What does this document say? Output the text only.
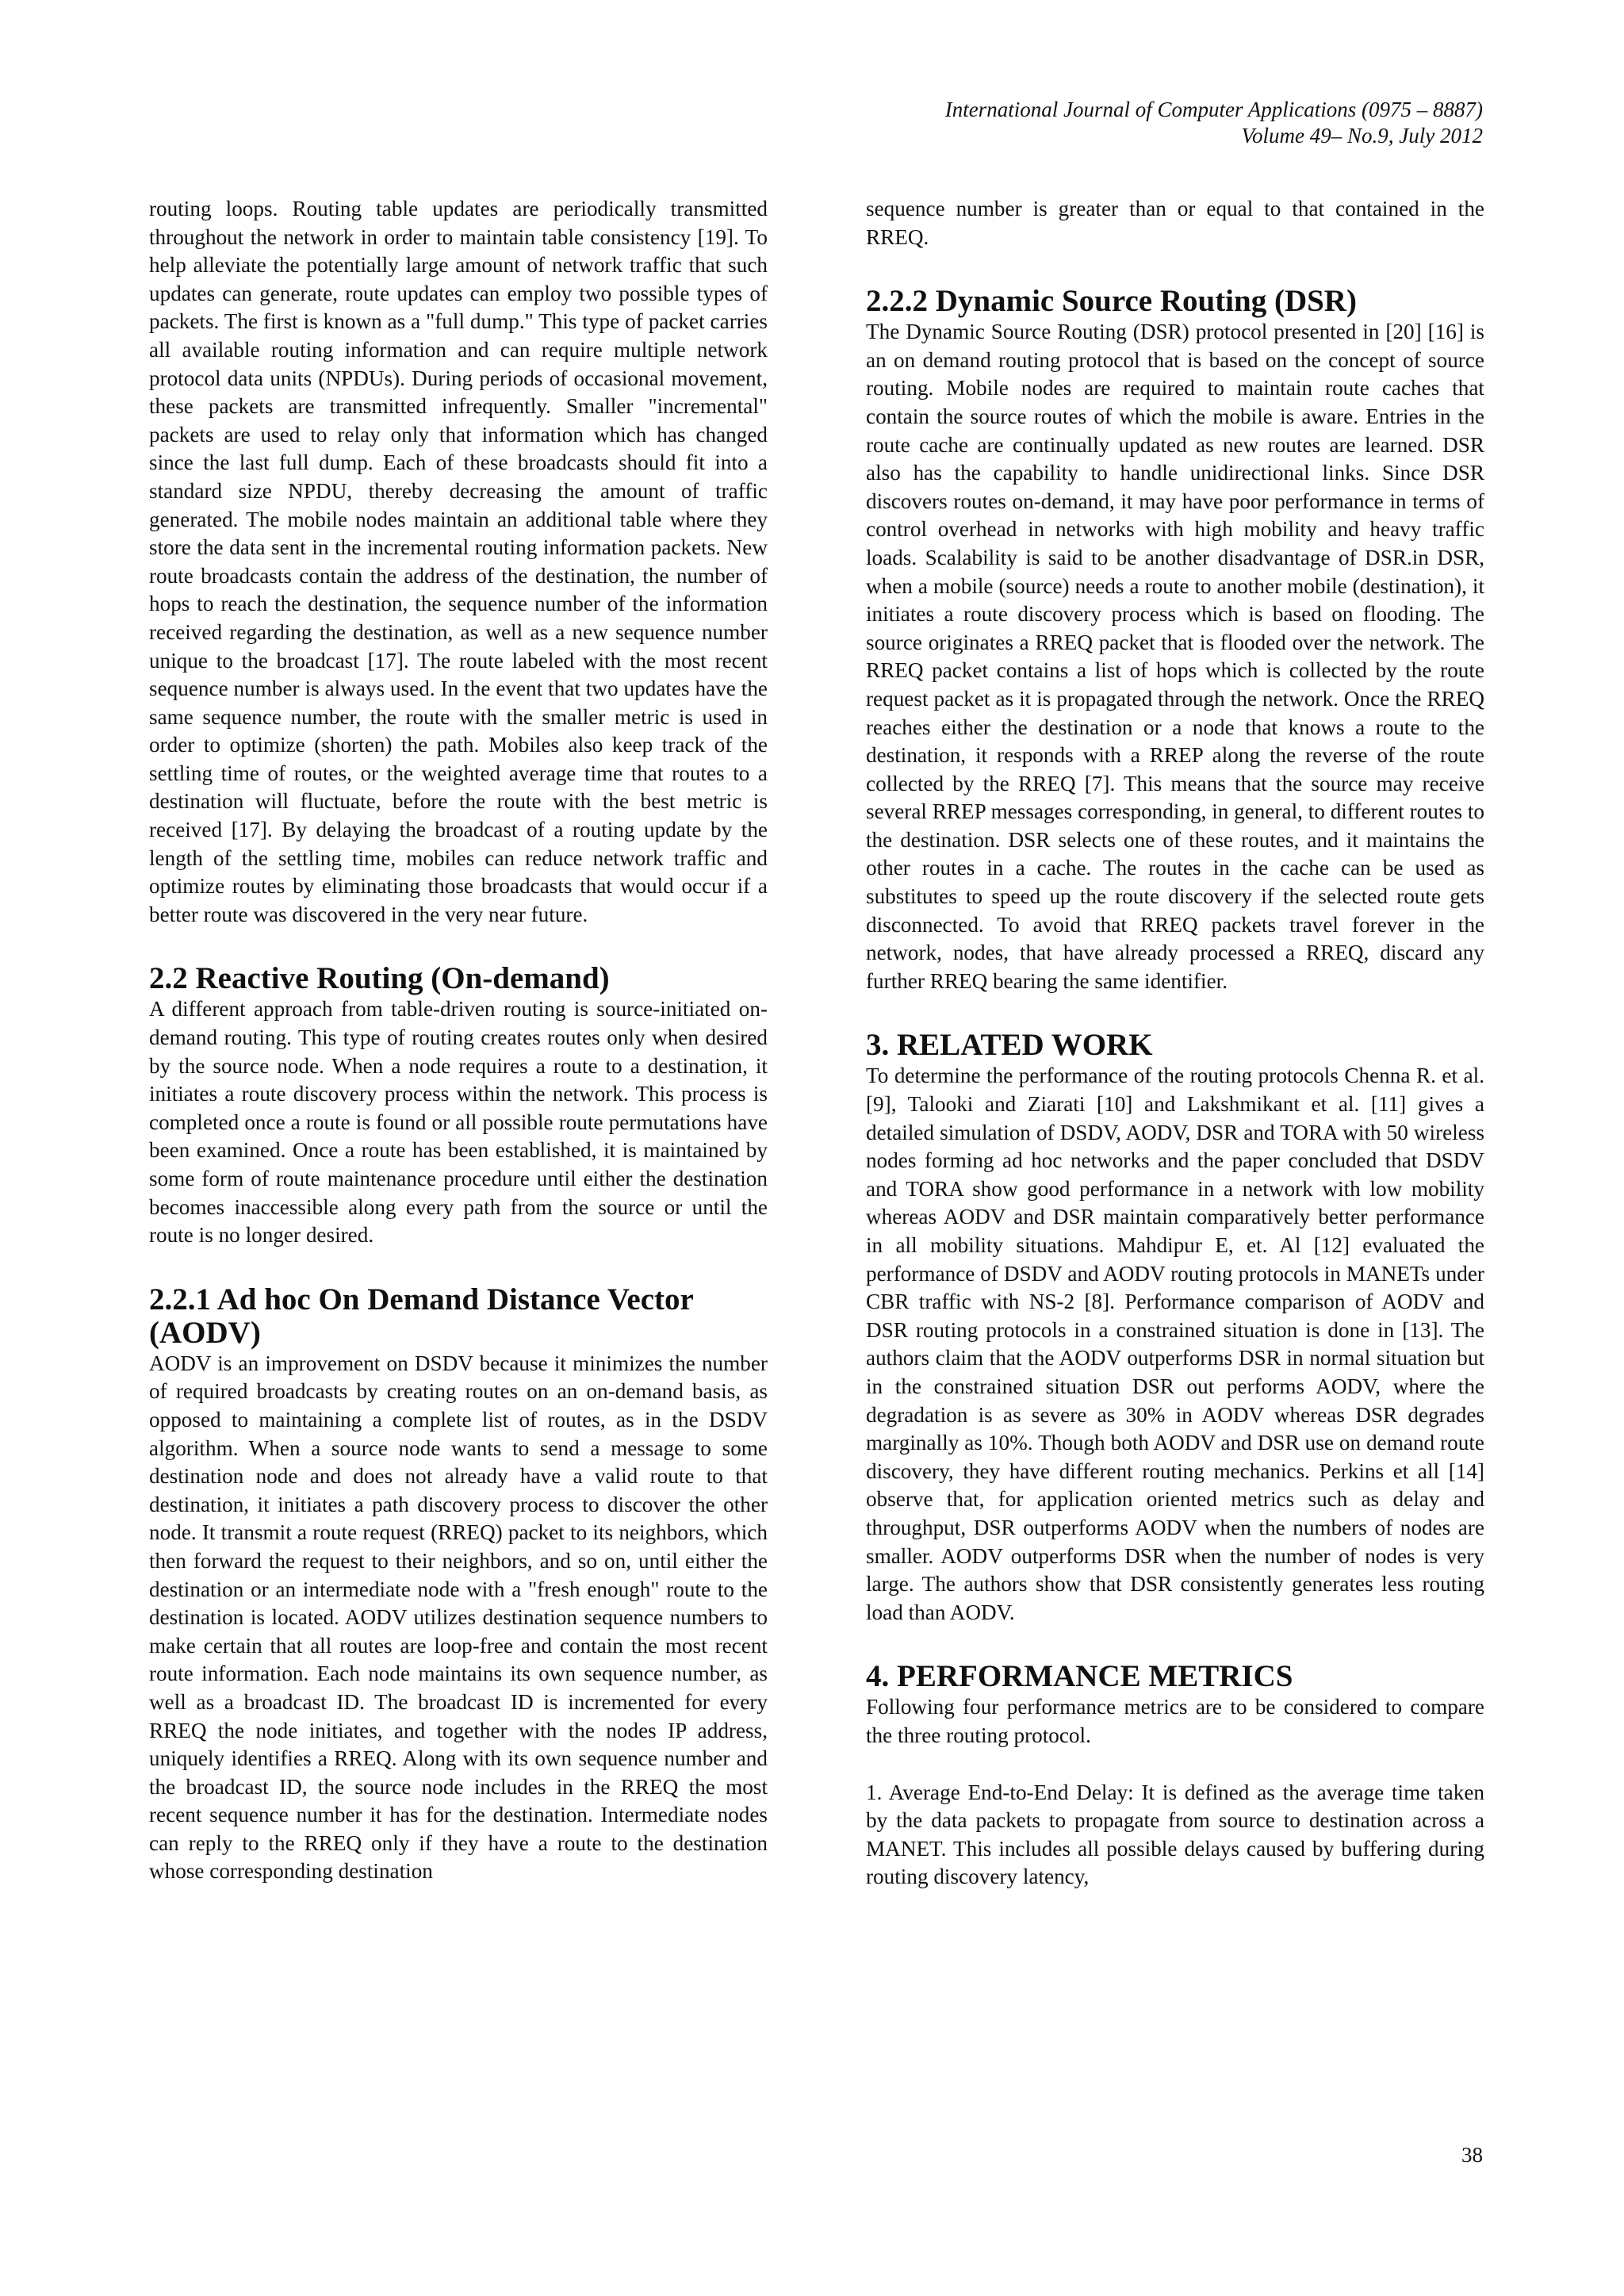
International Journal of Computer Applications (0975 – 8887)
Volume 49– No.9, July 2012

routing loops. Routing table updates are periodically transmitted throughout the network in order to maintain table consistency [19]. To help alleviate the potentially large amount of network traffic that such updates can generate, route updates can employ two possible types of packets. The first is known as a "full dump." This type of packet carries all available routing information and can require multiple network protocol data units (NPDUs). During periods of occasional movement, these packets are transmitted infrequently. Smaller "incremental" packets are used to relay only that information which has changed since the last full dump. Each of these broadcasts should fit into a standard size NPDU, thereby decreasing the amount of traffic generated. The mobile nodes maintain an additional table where they store the data sent in the incremental routing information packets. New route broadcasts contain the address of the destination, the number of hops to reach the destination, the sequence number of the information received regarding the destination, as well as a new sequence number unique to the broadcast [17]. The route labeled with the most recent sequence number is always used. In the event that two updates have the same sequence number, the route with the smaller metric is used in order to optimize (shorten) the path. Mobiles also keep track of the settling time of routes, or the weighted average time that routes to a destination will fluctuate, before the route with the best metric is received [17]. By delaying the broadcast of a routing update by the length of the settling time, mobiles can reduce network traffic and optimize routes by eliminating those broadcasts that would occur if a better route was discovered in the very near future.

2.2 Reactive Routing (On-demand)

A different approach from table-driven routing is source-initiated on-demand routing. This type of routing creates routes only when desired by the source node. When a node requires a route to a destination, it initiates a route discovery process within the network. This process is completed once a route is found or all possible route permutations have been examined. Once a route has been established, it is maintained by some form of route maintenance procedure until either the destination becomes inaccessible along every path from the source or until the route is no longer desired.

2.2.1 Ad hoc On Demand Distance Vector (AODV)

AODV is an improvement on DSDV because it minimizes the number of required broadcasts by creating routes on an on-demand basis, as opposed to maintaining a complete list of routes, as in the DSDV algorithm. When a source node wants to send a message to some destination node and does not already have a valid route to that destination, it initiates a path discovery process to discover the other node. It transmit a route request (RREQ) packet to its neighbors, which then forward the request to their neighbors, and so on, until either the destination or an intermediate node with a "fresh enough" route to the destination is located. AODV utilizes destination sequence numbers to make certain that all routes are loop-free and contain the most recent route information. Each node maintains its own sequence number, as well as a broadcast ID. The broadcast ID is incremented for every RREQ the node initiates, and together with the nodes IP address, uniquely identifies a RREQ. Along with its own sequence number and the broadcast ID, the source node includes in the RREQ the most recent sequence number it has for the destination. Intermediate nodes can reply to the RREQ only if they have a route to the destination whose corresponding destination

sequence number is greater than or equal to that contained in the RREQ.

2.2.2 Dynamic Source Routing (DSR)

The Dynamic Source Routing (DSR) protocol presented in [20] [16] is an on demand routing protocol that is based on the concept of source routing. Mobile nodes are required to maintain route caches that contain the source routes of which the mobile is aware. Entries in the route cache are continually updated as new routes are learned. DSR also has the capability to handle unidirectional links. Since DSR discovers routes on-demand, it may have poor performance in terms of control overhead in networks with high mobility and heavy traffic loads. Scalability is said to be another disadvantage of DSR.in DSR, when a mobile (source) needs a route to another mobile (destination), it initiates a route discovery process which is based on flooding. The source originates a RREQ packet that is flooded over the network. The RREQ packet contains a list of hops which is collected by the route request packet as it is propagated through the network. Once the RREQ reaches either the destination or a node that knows a route to the destination, it responds with a RREP along the reverse of the route collected by the RREQ [7]. This means that the source may receive several RREP messages corresponding, in general, to different routes to the destination. DSR selects one of these routes, and it maintains the other routes in a cache. The routes in the cache can be used as substitutes to speed up the route discovery if the selected route gets disconnected. To avoid that RREQ packets travel forever in the network, nodes, that have already processed a RREQ, discard any further RREQ bearing the same identifier.

3. RELATED WORK

To determine the performance of the routing protocols Chenna R. et al. [9], Talooki and Ziarati [10] and Lakshmikant et al. [11] gives a detailed simulation of DSDV, AODV, DSR and TORA with 50 wireless nodes forming ad hoc networks and the paper concluded that DSDV and TORA show good performance in a network with low mobility whereas AODV and DSR maintain comparatively better performance in all mobility situations. Mahdipur E, et. Al [12] evaluated the performance of DSDV and AODV routing protocols in MANETs under CBR traffic with NS-2 [8]. Performance comparison of AODV and DSR routing protocols in a constrained situation is done in [13]. The authors claim that the AODV outperforms DSR in normal situation but in the constrained situation DSR out performs AODV, where the degradation is as severe as 30% in AODV whereas DSR degrades marginally as 10%. Though both AODV and DSR use on demand route discovery, they have different routing mechanics. Perkins et all [14] observe that, for application oriented metrics such as delay and throughput, DSR outperforms AODV when the numbers of nodes are smaller. AODV outperforms DSR when the number of nodes is very large. The authors show that DSR consistently generates less routing load than AODV.

4. PERFORMANCE METRICS

Following four performance metrics are to be considered to compare the three routing protocol.

1. Average End-to-End Delay: It is defined as the average time taken by the data packets to propagate from source to destination across a MANET. This includes all possible delays caused by buffering during routing discovery latency,

38
